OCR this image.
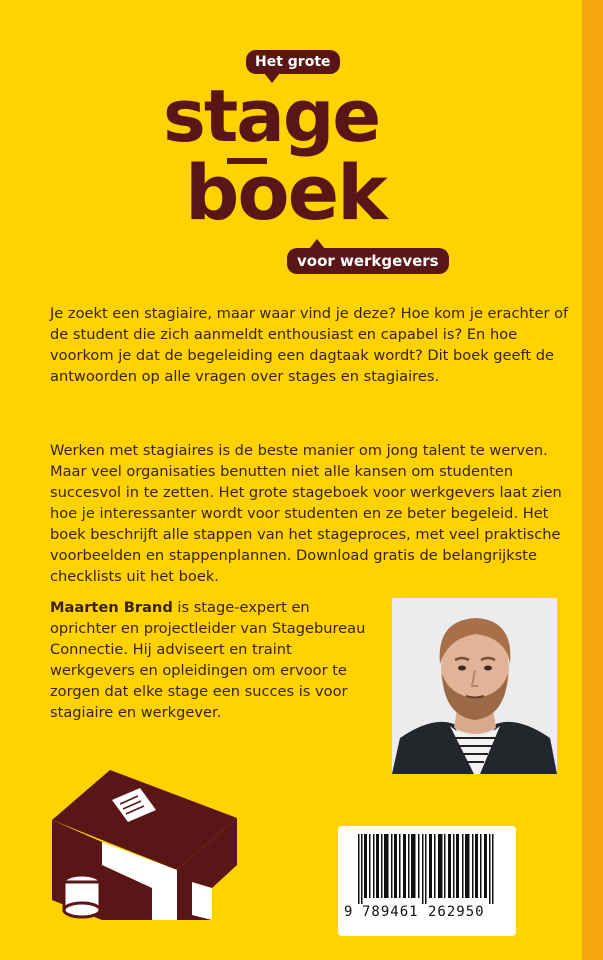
Het grote
stage
boek
voor werkgevers

Je zoekt een stagiaire, maar waar vind je deze? Hoe kom je erachter of de student die zich aanmeldt enthousiast en capabel is? En hoe voorkom je dat de begeleiding een dagtaak wordt? Dit boek geeft de antwoorden op alle vragen over stages en stagiaires.

Werken met stagiaires is de beste manier om jong talent te werven. Maar veel organisaties benutten niet alle kansen om studenten succesvol in te zetten. Het grote stageboek voor werkgevers laat zien hoe je interessanter wordt voor studenten en ze beter begeleid. Het boek beschrijft alle stappen van het stageproces, met veel praktische voorbeelden en stappenplannen. Download gratis de belangrijkste checklists uit het boek.

Maarten Brand is stage-expert en oprichter en projectleider van Stagebureau Connectie. Hij adviseert en traint werkgevers en opleidingen om ervoor te zorgen dat elke stage een succes is voor stagiaire en werkgever.

9 789461 262950
